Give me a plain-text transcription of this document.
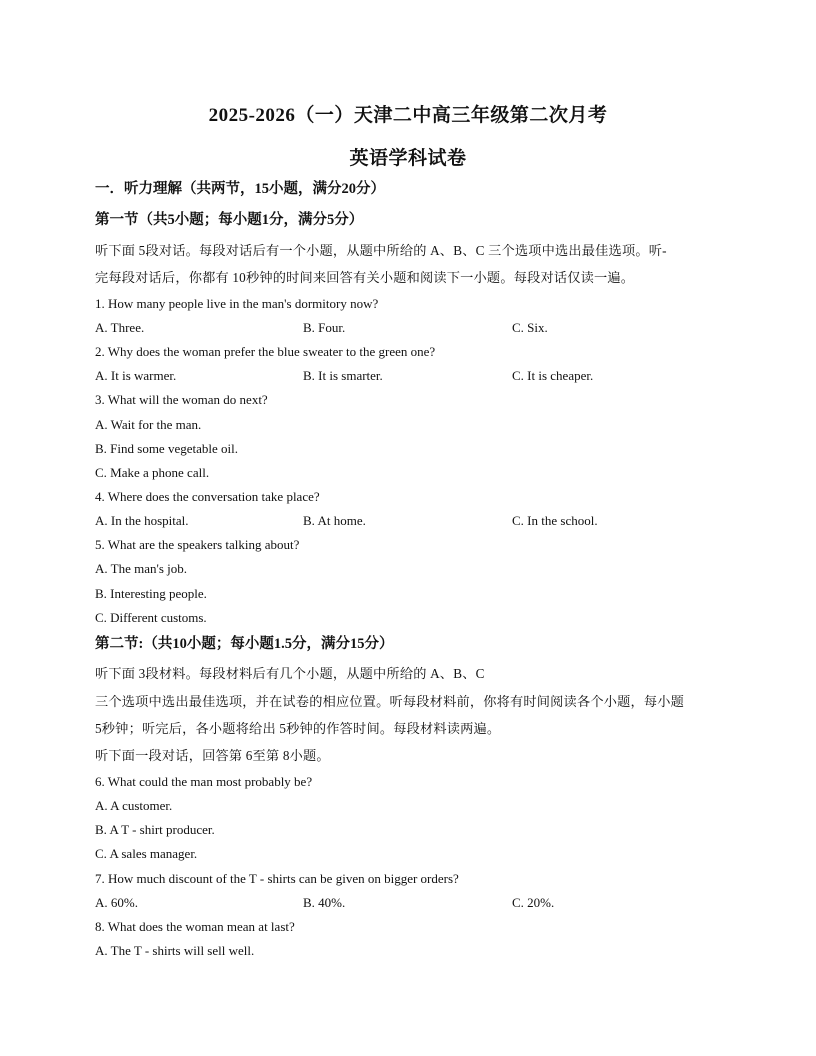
2025-2026（一）天津二中高三年级第二次月考
英语学科试卷
一．听力理解（共两节，15小题，满分20分）
第一节（共5小题；每小题1分，满分5分）
听下面 5段对话。每段对话后有一个小题，从题中所给的 A、B、C 三个选项中选出最佳选项。听-
完每段对话后，你都有 10秒钟的时间来回答有关小题和阅读下一小题。每段对话仅读一遍。
1. How many people live in the man's dormitory now?
A. Three.	B. Four.	C. Six.
2. Why does the woman prefer the blue sweater to the green one?
A. It is warmer.	B. It is smarter.	C. It is cheaper.
3. What will the woman do next?
A. Wait for the man.
B. Find some vegetable oil.
C. Make a phone call.
4. Where does the conversation take place?
A. In the hospital.	B. At home.	C. In the school.
5. What are the speakers talking about?
A. The man's job.
B. Interesting people.
C. Different customs.
第二节:（共10小题；每小题1.5分，满分15分）
听下面 3段材料。每段材料后有几个小题，从题中所给的 A、B、C
三个选项中选出最佳选项，并在试卷的相应位置。听每段材料前，你将有时间阅读各个小题，每小题
5秒钟；听完后，各小题将给出 5秒钟的作答时间。每段材料读两遍。
听下面一段对话，回答第 6至第 8小题。
6. What could the man most probably be?
A. A customer.
B. A T - shirt producer.
C. A sales manager.
7. How much discount of the T - shirts can be given on bigger orders?
A. 60%.	B. 40%.	C. 20%.
8. What does the woman mean at last?
A. The T - shirts will sell well.
